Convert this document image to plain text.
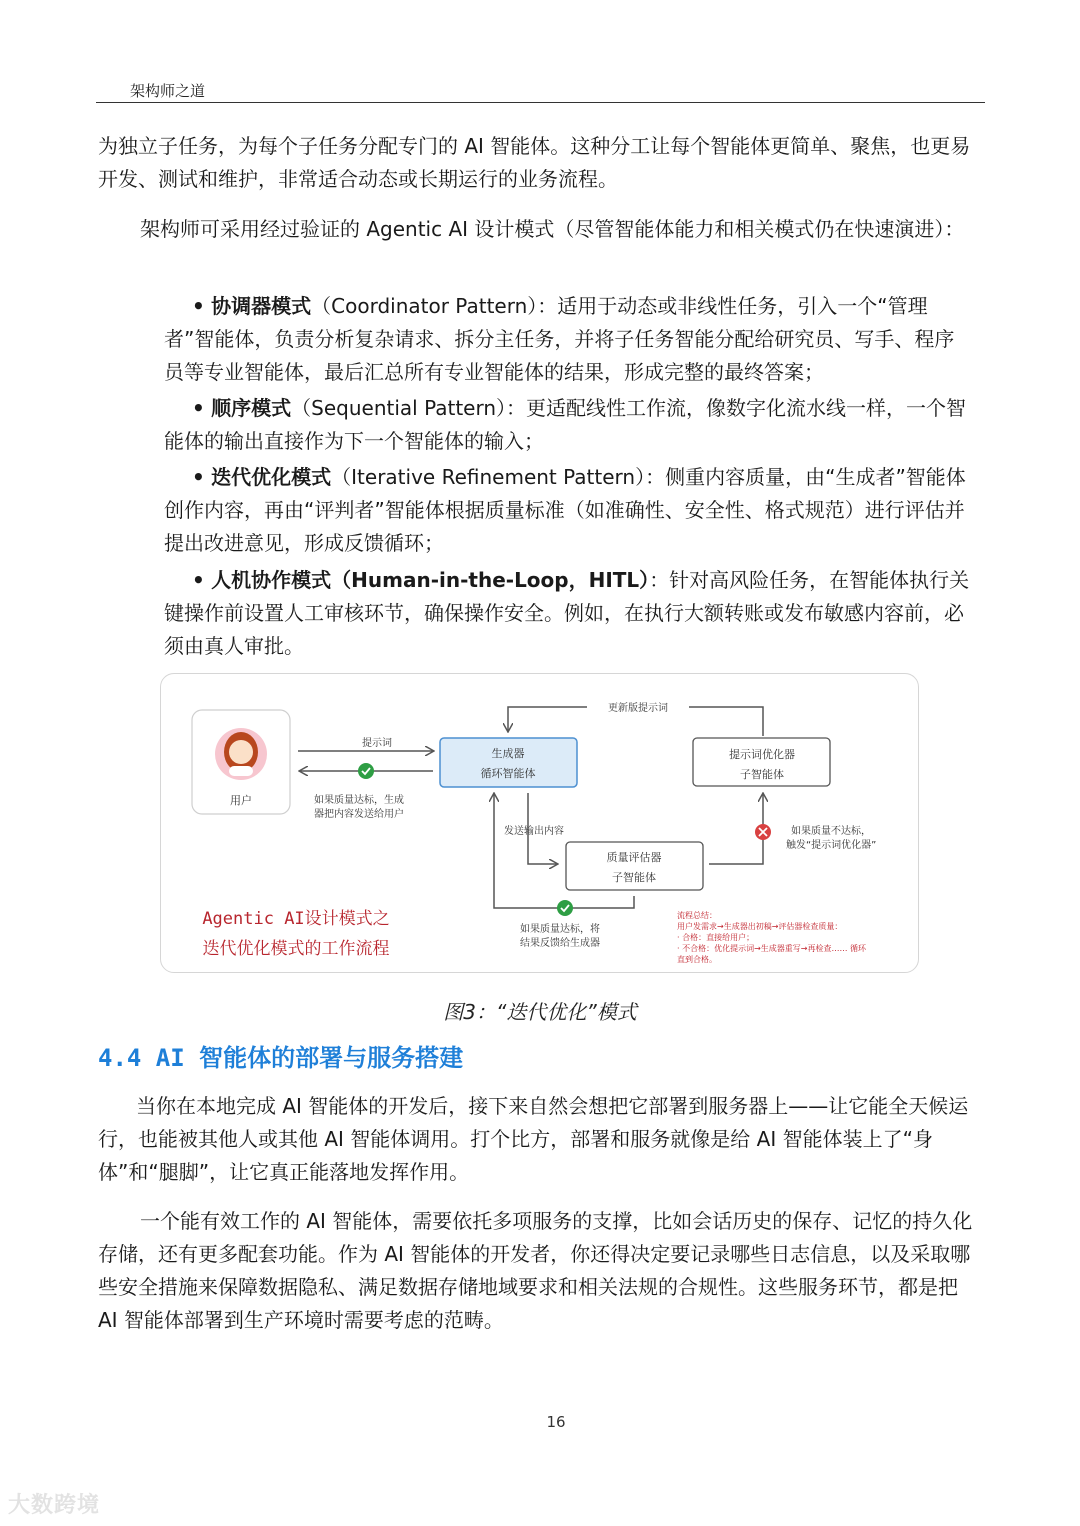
架构师之道

为独立子任务，为每个子任务分配专门的 AI 智能体。这种分工让每个智能体更简单、聚焦，也更易开发、测试和维护，非常适合动态或长期运行的业务流程。

架构师可采用经过验证的 Agentic AI 设计模式（尽管智能体能力和相关模式仍在快速演进）：

• 协调器模式（Coordinator Pattern）：适用于动态或非线性任务，引入一个“管理者”智能体，负责分析复杂请求、拆分主任务，并将子任务智能分配给研究员、写手、程序员等专业智能体，最后汇总所有专业智能体的结果，形成完整的最终答案；

• 顺序模式（Sequential Pattern）：更适配线性工作流，像数字化流水线一样，一个智能体的输出直接作为下一个智能体的输入；

• 迭代优化模式（Iterative Refinement Pattern）：侧重内容质量，由“生成者”智能体创作内容，再由“评判者”智能体根据质量标准（如准确性、安全性、格式规范）进行评估并提出改进意见，形成反馈循环；

• 人机协作模式（Human-in-the-Loop，HITL）：针对高风险任务，在智能体执行关键操作前设置人工审核环节，确保操作安全。例如，在执行大额转账或发布敏感内容前，必须由真人审批。

用户
提示词
如果质量达标，生成
器把内容发送给用户
生成器
循环智能体
更新版提示词
提示词优化器
子智能体
发送输出内容
质量评估器
子智能体
如果质量不达标，
触发“提示词优化器”
如果质量达标，将
结果反馈给生成器
Agentic AI设计模式之
迭代优化模式的工作流程
流程总结：
用户发需求→生成器出初稿→评估器检查质量：
· 合格：直接给用户；
· 不合格：优化提示词→生成器重写→再检查…… 循环
直到合格。
图3：“迭代优化”模式
4.4 AI 智能体的部署与服务搭建

当你在本地完成 AI 智能体的开发后，接下来自然会想把它部署到服务器上——让它能全天候运行，也能被其他人或其他 AI 智能体调用。打个比方，部署和服务就像是给 AI 智能体装上了“身体”和“腿脚”，让它真正能落地发挥作用。

一个能有效工作的 AI 智能体，需要依托多项服务的支撑，比如会话历史的保存、记忆的持久化存储，还有更多配套功能。作为 AI 智能体的开发者，你还得决定要记录哪些日志信息，以及采取哪些安全措施来保障数据隐私、满足数据存储地域要求和相关法规的合规性。这些服务环节，都是把 AI 智能体部署到生产环境时需要考虑的范畴。

16
大数跨境
